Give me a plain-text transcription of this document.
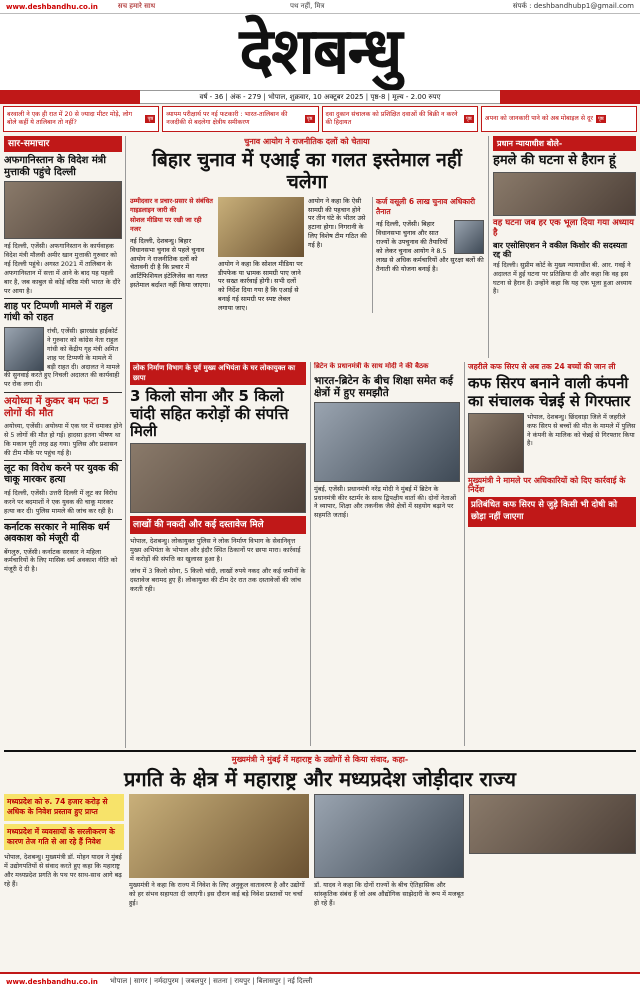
www.deshbandhu.co.in	सच हमारे साथ	पथ नहीं, मित्र	संपर्क : deshbandhubp1@gmail.com
देशबन्धु
वर्ष - 36 | अंक - 279 | भोपाल, शुक्रवार, 10 अक्टूबर 2025 | पृष्ठ-8 | मूल्य - 2.00 रुपए
बरवाली ने एक ही रात में 20 से ज्यादा मीटर मोड़े, लोग बोले कहीं ये तालिबान तो नहीं?
पृष्ठ
व्यापम परीक्षार्थ पर नई फटकारी : भारत-तालिबान की नजदीकी से बदलेगा क्षेत्रीय समीकरण
पृष्ठ
दवा दुकान संचालक को प्रशिक्षित दवाओं की बिक्री न करने की हिदायत
पृष्ठ	अपना को जानकारी पाने को अब मोबाइल से दूर	पृष्ठ
सार-समाचार
अफगानिस्तान के विदेश मंत्री मुत्ताकी पहुंचे दिल्ली
नई दिल्ली, एजेंसी। अफगानिस्तान के कार्यवाहक विदेश मंत्री मौलवी अमीर खान मुत्ताकी गुरुवार को नई दिल्ली पहुंचे। अगस्त 2021 में तालिबान के अफगानिस्तान में सत्ता में आने के बाद यह पहली बार है, जब काबुल से कोई वरिष्ठ मंत्री भारत के दौरे पर आया है।
शाह पर टिप्पणी मामले में राहुल गांधी को राहत
रांची, एजेंसी। झारखंड हाईकोर्ट ने गुरुवार को कांग्रेस नेता राहुल गांधी को केंद्रीय गृह मंत्री अमित शाह पर टिप्पणी के मामले में बड़ी राहत दी। अदालत ने मामले की सुनवाई करते हुए निचली अदालत की कार्यवाही पर रोक लगा दी।
अयोध्या में कुकर बम फटा 5 लोगों की मौत
अयोध्या, एजेंसी। अयोध्या में एक घर में धमाका होने से 5 लोगों की मौत हो गई। हादसा इतना भीषण था कि मकान पूरी तरह ढह गया। पुलिस और प्रशासन की टीम मौके पर पहुंच गई है।
लूट का विरोध करने पर युवक की चाकू मारकर हत्या
नई दिल्ली, एजेंसी। उत्तरी दिल्ली में लूट का विरोध करने पर बदमाशों ने एक युवक की चाकू मारकर हत्या कर दी। पुलिस मामले की जांच कर रही है।
कर्नाटक सरकार ने मासिक धर्म अवकाश को मंजूरी दी
बेंगलुरु, एजेंसी। कर्नाटक सरकार ने महिला कर्मचारियों के लिए मासिक धर्म अवकाश नीति को मंजूरी दे दी है।
चुनाव आयोग ने राजनीतिक दलों को चेताया
बिहार चुनाव में एआई का गलत इस्तेमाल नहीं चलेगा
उम्मीदवार व प्रचार-प्रसार से संबंधित गाइडलाइन जारी की
सोशल मीडिया पर रखी जा रही नजर
नई दिल्ली, देशबन्धु। बिहार विधानसभा चुनाव से पहले चुनाव आयोग ने राजनीतिक दलों को चेतावनी दी है कि प्रचार में आर्टिफिशियल इंटेलिजेंस का गलत इस्तेमाल बर्दाश्त नहीं किया जाएगा।
आयोग ने कहा कि सोशल मीडिया पर डीपफेक या भ्रामक सामग्री पाए जाने पर सख्त कार्रवाई होगी। सभी दलों को निर्देश दिया गया है कि एआई से बनाई गई सामग्री पर स्पष्ट लेबल लगाया जाए।
आयोग ने कहा कि ऐसी सामग्री की पहचान होने पर तीन घंटे के भीतर उसे हटाना होगा। निगरानी के लिए विशेष टीम गठित की गई है।
कर्ज वसूली 6 लाख चुनाव अधिकारी तैनात
नई दिल्ली, एजेंसी। बिहार विधानसभा चुनाव और सात राज्यों के उपचुनाव की तैयारियों को लेकर चुनाव आयोग ने 8.5 लाख से अधिक कर्मचारियों और सुरक्षा बलों की तैनाती की योजना बनाई है।
प्रधान न्यायाधीश बोले-
हमले की घटना से हैरान हूं
वह घटना जब हर एक भूला दिया गया अध्याय है
बार एसोसिएशन ने वकील किशोर की सदस्यता रद्द की
नई दिल्ली। सुप्रीम कोर्ट के मुख्य न्यायाधीश बी. आर. गवई ने अदालत में हुई घटना पर प्रतिक्रिया दी और कहा कि वह इस घटना से हैरान हैं। उन्होंने कहा कि यह एक भूला हुआ अध्याय है।
लोक निर्माण विभाग के पूर्व मुख्य अभियंता के घर लोकायुक्त का छापा
3 किलो सोना और 5 किलो चांदी सहित करोड़ों की संपत्ति मिली
लाखों की नकदी और कई दस्तावेज मिले
भोपाल, देशबन्धु। लोकायुक्त पुलिस ने लोक निर्माण विभाग के सेवानिवृत्त मुख्य अभियंता के भोपाल और इंदौर स्थित ठिकानों पर छापा मारा। कार्रवाई में करोड़ों की संपत्ति का खुलासा हुआ है।
जांच में 3 किलो सोना, 5 किलो चांदी, लाखों रुपये नकद और कई जमीनों के दस्तावेज बरामद हुए हैं। लोकायुक्त की टीम देर रात तक दस्तावेजों की जांच करती रही।
ब्रिटेन के प्रधानमंत्री के साथ मोदी ने की बैठक
भारत-ब्रिटेन के बीच शिक्षा समेत कई क्षेत्रों में हुए समझौते
मुंबई, एजेंसी। प्रधानमंत्री नरेंद्र मोदी ने मुंबई में ब्रिटेन के प्रधानमंत्री कीर स्टार्मर के साथ द्विपक्षीय वार्ता की। दोनों नेताओं ने व्यापार, शिक्षा और तकनीक जैसे क्षेत्रों में सहयोग बढ़ाने पर सहमति जताई।
जहरीले कफ सिरप से अब तक 24 बच्चों की जान ली
कफ सिरप बनाने वाली कंपनी का संचालक चेन्नई से गिरफ्तार
भोपाल, देशबन्धु। छिंदवाड़ा जिले में जहरीले कफ सिरप से बच्चों की मौत के मामले में पुलिस ने कंपनी के मालिक को चेन्नई से गिरफ्तार किया है।
मुख्यमंत्री ने मामले पर अधिकारियों को दिए कार्रवाई के निर्देश
प्रतिबंधित कफ सिरप से जुड़े किसी भी दोषी को छोड़ा नहीं जाएगा
मुख्यमंत्री ने मुंबई में महाराष्ट्र के उद्योगों से किया संवाद, कहा-
प्रगति के क्षेत्र में महाराष्ट्र और मध्यप्रदेश जोड़ीदार राज्य
मध्यप्रदेश को रु. 74 हजार करोड़ से अधिक के निवेश प्रस्ताव हुए प्राप्त
मध्यप्रदेश में व्यवसायों के सरलीकरण के कारण तेज गति से आ रहे हैं निवेश
भोपाल, देशबन्धु। मुख्यमंत्री डॉ. मोहन यादव ने मुंबई में उद्योगपतियों से संवाद करते हुए कहा कि महाराष्ट्र और मध्यप्रदेश प्रगति के पथ पर साथ-साथ आगे बढ़ रहे हैं।	मुख्यमंत्री ने कहा कि राज्य में निवेश के लिए अनुकूल वातावरण है और उद्योगों को हर संभव सहायता दी जाएगी। इस दौरान कई बड़े निवेश प्रस्तावों पर चर्चा हुई।
डॉ. यादव ने कहा कि दोनों राज्यों के बीच ऐतिहासिक और सांस्कृतिक संबंध हैं जो अब औद्योगिक साझेदारी के रूप में मजबूत हो रहे हैं।
www.deshbandhu.co.in भोपाल | सागर | नर्मदापुरम | जबलपुर | सतना | रायपुर | बिलासपुर | नई दिल्ली
